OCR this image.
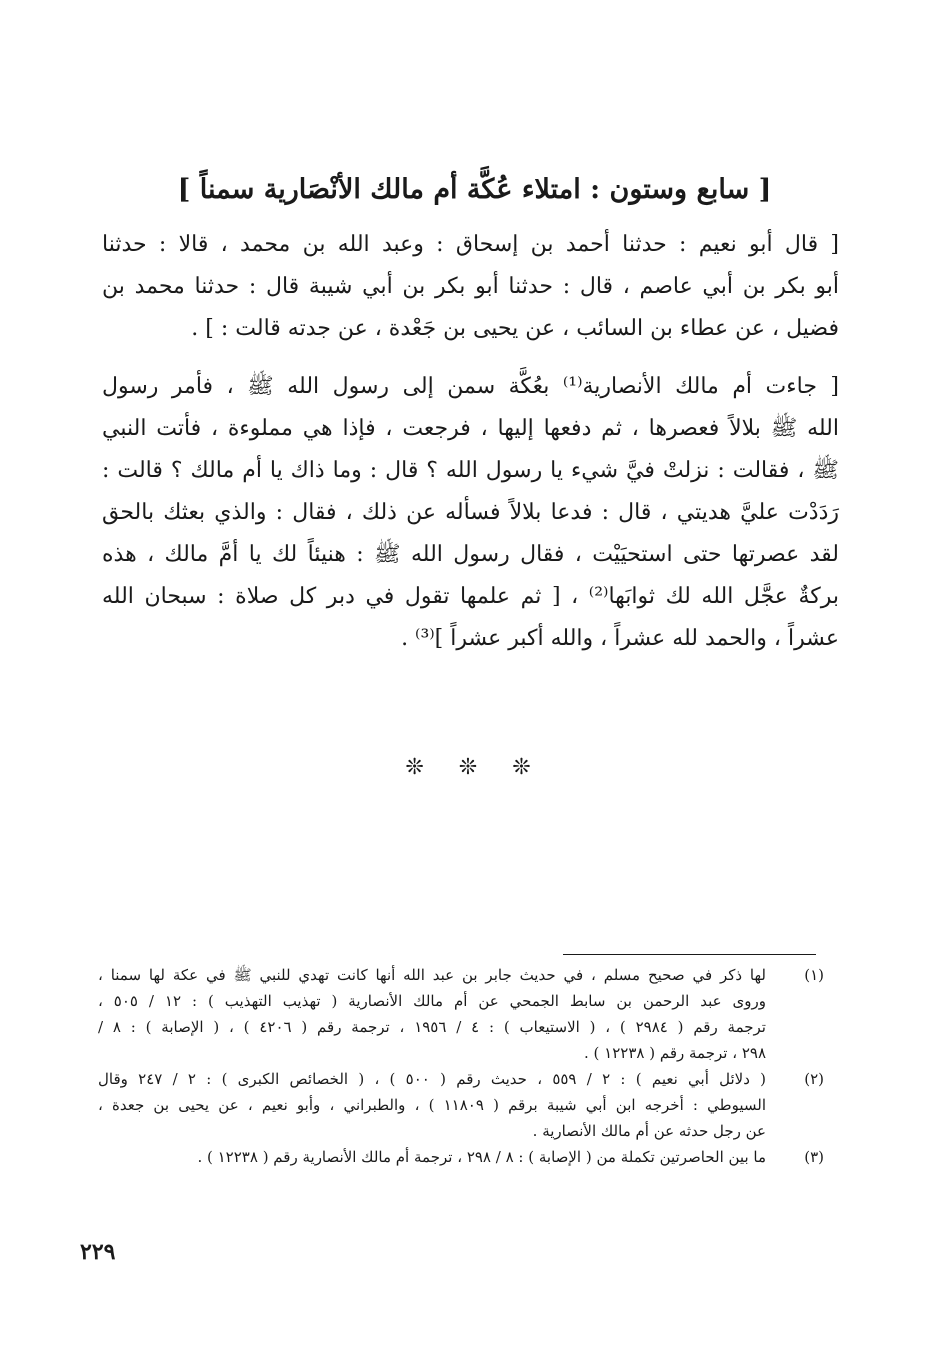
[ سابع وستون : امتلاء عُكَّة أم مالك الأنْصَارية سمناً ]
[ قال أبو نعيم : حدثنا أحمد بن إسحاق : وعبد الله بن محمد ، قالا : حدثنا
أبو بكر بن أبي عاصم ، قال : حدثنا أبو بكر بن أبي شيبة قال : حدثنا محمد بن
فضيل ، عن عطاء بن السائب ، عن يحيى بن جَعْدة ، عن جدته قالت : ] .
[ جاءت أم مالك الأنصارية⁽¹⁾ بعُكَّة سمن إلى رسول الله ﷺ ، فأمر رسول
الله ﷺ بلالاً فعصرها ، ثم دفعها إليها ، فرجعت ، فإذا هي مملوءة ، فأتت النبي
ﷺ ، فقالت : نزلتْ فيَّ شيء يا رسول الله ؟ قال : وما ذاك يا أم مالك ؟ قالت :
رَدَدْت عليَّ هديتي ، قال : فدعا بلالاً فسأله عن ذلك ، فقال : والذي بعثك بالحق
لقد عصرتها حتى استحيَيْت ، فقال رسول الله ﷺ : هنيئاً لك يا أمَّ مالك ، هذه
بركةٌ عجَّل الله لك ثوابَها⁽²⁾ ، [ ثم علمها تقول في دبر كل صلاة : سبحان الله
عشراً ، والحمد لله عشراً ، والله أكبر عشراً ]⁽³⁾ .
❊ ❊ ❊
(١)
لها ذكر في صحيح مسلم ، في حديث جابر بن عبد الله أنها كانت تهدي للنبي ﷺ في عكة لها سمنا ،
وروى عبد الرحمن بن سابط الجمحي عن أم مالك الأنصارية ( تهذيب التهذيب ) : ١٢ / ٥٠٥ ،
ترجمة رقم ( ٢٩٨٤ ) ، ( الاستيعاب ) : ٤ / ١٩٥٦ ، ترجمة رقم ( ٤٢٠٦ ) ، ( الإصابة ) : ٨ /
٢٩٨ ، ترجمة رقم ( ١٢٢٣٨ ) .
(٢)
( دلائل أبي نعيم ) : ٢ / ٥٥٩ ، حديث رقم ( ٥٠٠ ) ، ( الخصائص الكبرى ) : ٢ / ٢٤٧ وقال
السيوطي : أخرجه ابن أبي شيبة برقم ( ١١٨٠٩ ) ، والطبراني ، وأبو نعيم ، عن يحيى بن جعدة ،
عن رجل حدثه عن أم مالك الأنصارية .
(٣)
ما بين الحاصرتين تكملة من ( الإصابة ) : ٨ / ٢٩٨ ، ترجمة أم مالك الأنصارية رقم ( ١٢٢٣٨ ) .
٢٢٩
